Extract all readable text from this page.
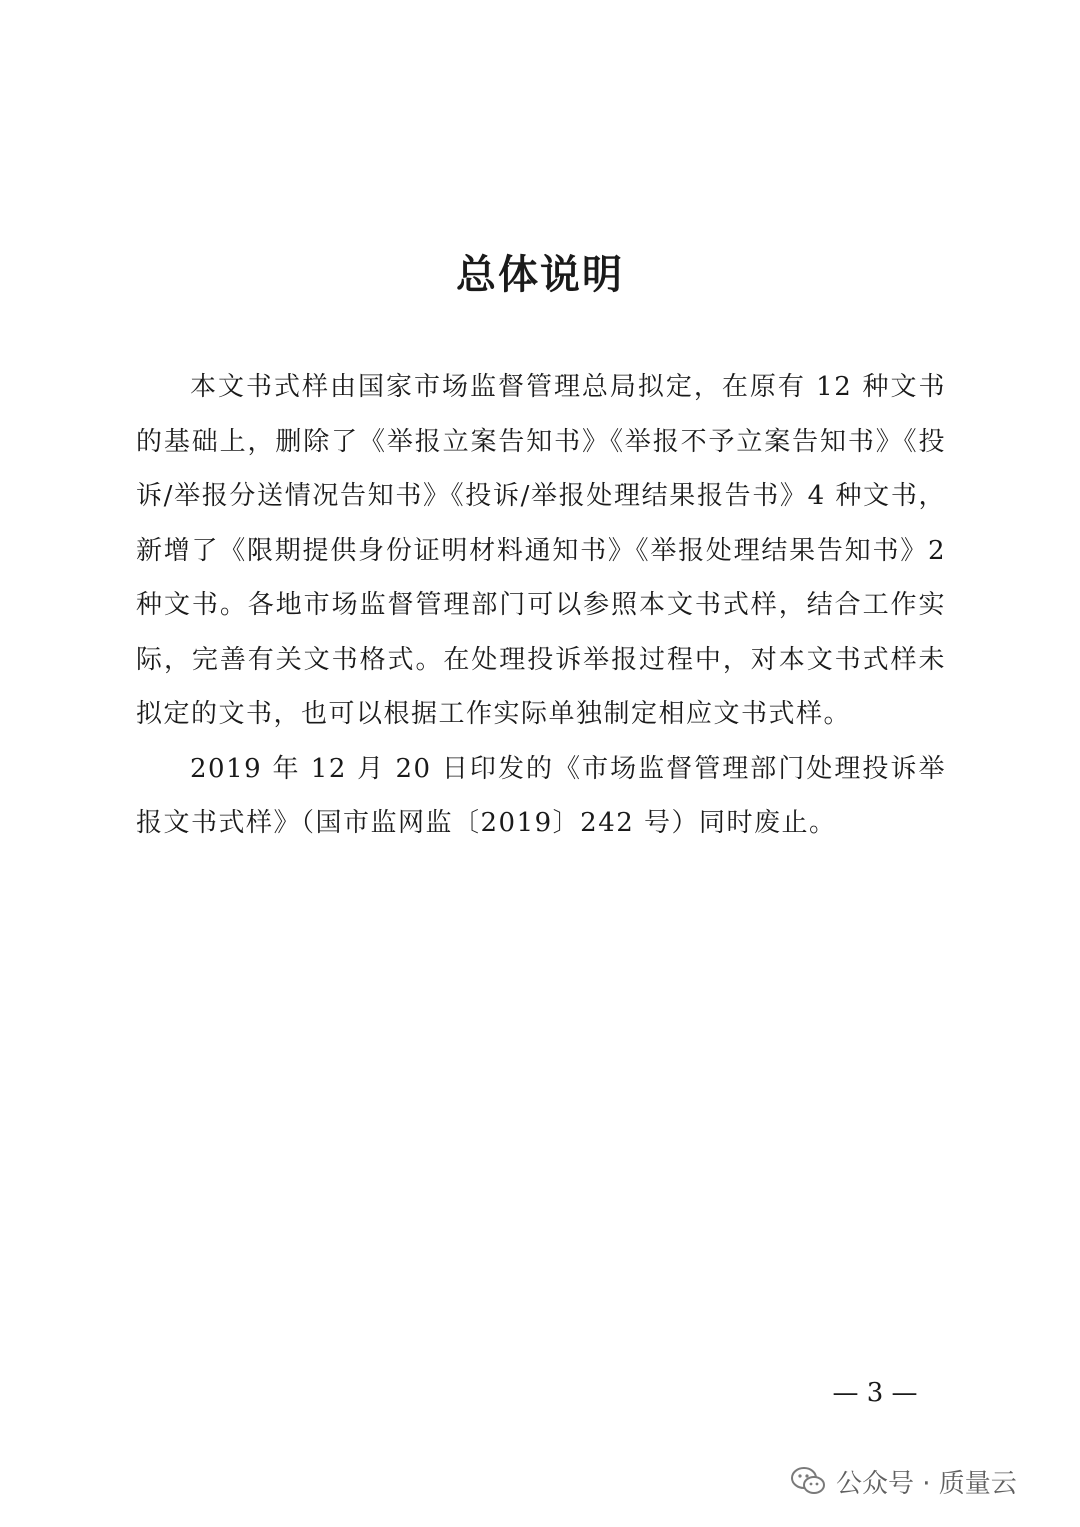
总体说明

本文书式样由国家市场监督管理总局拟定，在原有 12 种文书的基础上，删除了《举报立案告知书》《举报不予立案告知书》《投诉/举报分送情况告知书》《投诉/举报处理结果报告书》4 种文书，新增了《限期提供身份证明材料通知书》《举报处理结果告知书》2 种文书。各地市场监督管理部门可以参照本文书式样，结合工作实际，完善有关文书格式。在处理投诉举报过程中，对本文书式样未拟定的文书，也可以根据工作实际单独制定相应文书式样。

2019 年 12 月 20 日印发的《市场监督管理部门处理投诉举报文书式样》（国市监网监〔2019〕242 号）同时废止。

— 3 —
公众号 · 质量云
